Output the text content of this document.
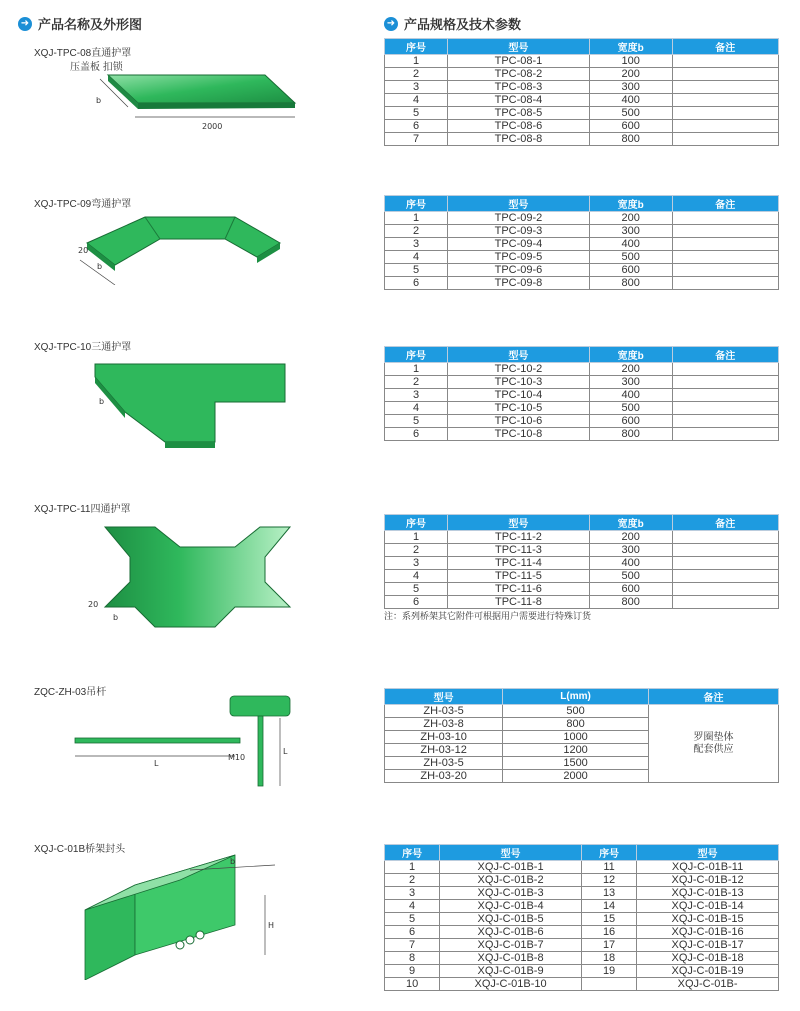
➜ 产品名称及外形图	➜ 产品规格及技术参数
XQJ-TPC-08直通护罩
压盖板 扣锁
XQJ-TPC-09弯通护罩
XQJ-TPC-10三通护罩
XQJ-TPC-11四通护罩
ZQC-ZH-03吊杆
XQJ-C-01B桥架封头
b
2000
20
b
b
20
b
L
L
M10
b
H
序号	型号	宽度b	备注
1	TPC-08-1	100	
2	TPC-08-2	200	
3	TPC-08-3	300	
4	TPC-08-4	400	
5	TPC-08-5	500	
6	TPC-08-6	600	
7	TPC-08-8	800	
序号	型号	宽度b	备注
1	TPC-09-2	200	
2	TPC-09-3	300	
3	TPC-09-4	400	
4	TPC-09-5	500	
5	TPC-09-6	600	
6	TPC-09-8	800	
序号	型号	宽度b	备注
1	TPC-10-2	200	
2	TPC-10-3	300	
3	TPC-10-4	400	
4	TPC-10-5	500	
5	TPC-10-6	600	
6	TPC-10-8	800	
序号	型号	宽度b	备注
1	TPC-11-2	200	
2	TPC-11-3	300	
3	TPC-11-4	400	
4	TPC-11-5	500	
5	TPC-11-6	600	
6	TPC-11-8	800	
注：系列桥架其它附件可根据用户需要进行特殊订货
型号	L(mm)	备注
ZH-03-5	500	罗圈垫体
配套供应

ZH-03-8	800	
ZH-03-10	1000	
ZH-03-12	1200	
ZH-03-5	1500	
ZH-03-20	2000	
序号	型号	序号	型号
1	XQJ-C-01B-1	11	XQJ-C-01B-11
2	XQJ-C-01B-2	12	XQJ-C-01B-12
3	XQJ-C-01B-3	13	XQJ-C-01B-13
4	XQJ-C-01B-4	14	XQJ-C-01B-14
5	XQJ-C-01B-5	15	XQJ-C-01B-15
6	XQJ-C-01B-6	16	XQJ-C-01B-16
7	XQJ-C-01B-7	17	XQJ-C-01B-17
8	XQJ-C-01B-8	18	XQJ-C-01B-18
9	XQJ-C-01B-9	19	XQJ-C-01B-19
10	XQJ-C-01B-10		XQJ-C-01B-
